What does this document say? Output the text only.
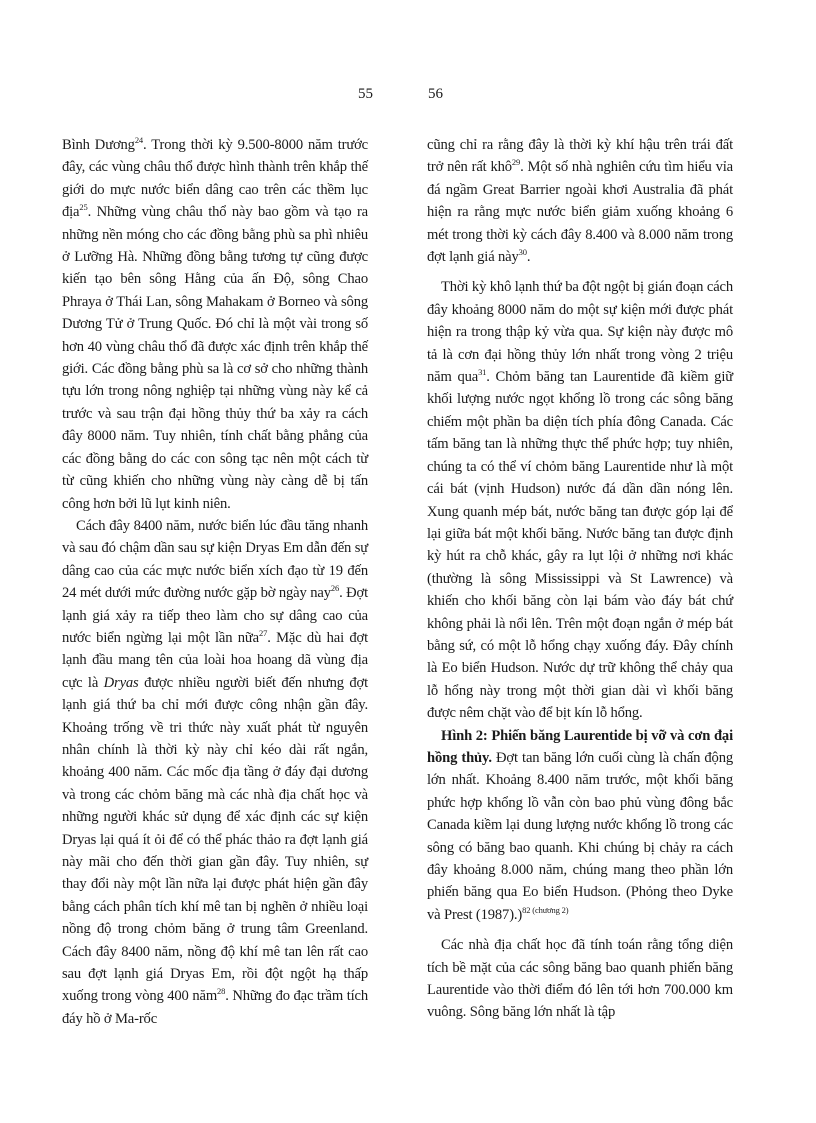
55	56

Bình Dương$^{24}$. Trong thời kỳ 9.500-8000 năm trước đây, các vùng châu thổ được hình thành trên khắp thế giới do mực nước biển dâng cao trên các thềm lục địa$^{25}$. Những vùng châu thổ này bao gồm và tạo ra những nền móng cho các đồng bằng phù sa phì nhiêu ở Lưỡng Hà. Những đồng bằng tương tự cũng được kiến tạo bên sông Hằng của ấn Độ, sông Chao Phraya ở Thái Lan, sông Mahakam ở Borneo và sông Dương Tử ở Trung Quốc. Đó chỉ là một vài trong số hơn 40 vùng châu thổ đã được xác định trên khắp thế giới. Các đồng bằng phù sa là cơ sở cho những thành tựu lớn trong nông nghiệp tại những vùng này kể cả trước và sau trận đại hồng thủy thứ ba xảy ra cách đây 8000 năm. Tuy nhiên, tính chất bằng phẳng của các đồng bằng do các con sông tạc nên một cách từ từ cũng khiến cho những vùng này càng dễ bị tấn công hơn bởi lũ lụt kinh niên.

Cách đây 8400 năm, nước biển lúc đầu tăng nhanh và sau đó chậm dần sau sự kiện Dryas Em dẫn đến sự dâng cao của các mực nước biển xích đạo từ 19 đến 24 mét dưới mức đường nước gặp bờ ngày nay$^{26}$. Đợt lạnh giá xảy ra tiếp theo làm cho sự dâng cao của nước biển ngừng lại một lần nữa$^{27}$. Mặc dù hai đợt lạnh đầu mang tên của loài hoa hoang dã vùng địa cực là Dryas được nhiều người biết đến nhưng đợt lạnh giá thứ ba chỉ mới được công nhận gần đây. Khoảng trống về tri thức này xuất phát từ nguyên nhân chính là thời kỳ này chỉ kéo dài rất ngắn, khoảng 400 năm. Các mốc địa tầng ở đáy đại dương và trong các chỏm băng mà các nhà địa chất học và những người khác sử dụng để xác định các sự kiện Dryas lại quá ít ỏi để có thể phác thảo ra đợt lạnh giá này mãi cho đến thời gian gần đây. Tuy nhiên, sự thay đổi này một lần nữa lại được phát hiện gần đây bằng cách phân tích khí mê tan bị nghẽn ở nhiều loại nồng độ trong chỏm băng ở trung tâm Greenland. Cách đây 8400 năm, nồng độ khí mê tan lên rất cao sau đợt lạnh giá Dryas Em, rồi đột ngột hạ thấp xuống trong vòng 400 năm$^{28}$. Những đo đạc trầm tích đáy hồ ở Ma-rốc

cũng chỉ ra rằng đây là thời kỳ khí hậu trên trái đất trở nên rất khô$^{29}$. Một số nhà nghiên cứu tìm hiểu vỉa đá ngầm Great Barrier ngoài khơi Australia đã phát hiện ra rằng mực nước biển giảm xuống khoảng 6 mét trong thời kỳ cách đây 8.400 và 8.000 năm trong đợt lạnh giá này$^{30}$.

Thời kỳ khô lạnh thứ ba đột ngột bị gián đoạn cách đây khoảng 8000 năm do một sự kiện mới được phát hiện ra trong thập kỷ vừa qua. Sự kiện này được mô tả là cơn đại hồng thủy lớn nhất trong vòng 2 triệu năm qua$^{31}$. Chỏm băng tan Laurentide đã kiềm giữ khối lượng nước ngọt khổng lồ trong các sông băng chiếm một phần ba diện tích phía đông Canada. Các tấm băng tan là những thực thể phức hợp; tuy nhiên, chúng ta có thể ví chỏm băng Laurentide như là một cái bát (vịnh Hudson) nước đá dần dần nóng lên. Xung quanh mép bát, nước băng tan được góp lại để lại giữa bát một khối băng. Nước băng tan được định kỳ hút ra chỗ khác, gây ra lụt lội ở những nơi khác (thường là sông Mississippi và St Lawrence) và khiến cho khối băng còn lại bám vào đáy bát chứ không phải là nổi lên. Trên một đoạn ngắn ở mép bát bằng sứ, có một lỗ hổng chạy xuống đáy. Đây chính là Eo biển Hudson. Nước dự trữ không thể chảy qua lỗ hổng này trong một thời gian dài vì khối băng được nêm chặt vào để bịt kín lỗ hổng.

Hình 2: Phiến băng Laurentide bị vỡ và cơn đại hồng thủy. Đợt tan băng lớn cuối cùng là chấn động lớn nhất. Khoảng 8.400 năm trước, một khối băng phức hợp khổng lồ vẫn còn bao phủ vùng đông bắc Canada kiềm lại dung lượng nước khổng lồ trong các sông có băng bao quanh. Khi chúng bị chảy ra cách đây khoảng 8.000 năm, chúng mang theo phần lớn phiến băng qua Eo biển Hudson. (Phỏng theo Dyke và Prest (1987).)$^{82 (chương 2)}$

Các nhà địa chất học đã tính toán rằng tổng diện tích bề mặt của các sông băng bao quanh phiến băng Laurentide vào thời điểm đó lên tới hơn 700.000 km vuông. Sông băng lớn nhất là tập
